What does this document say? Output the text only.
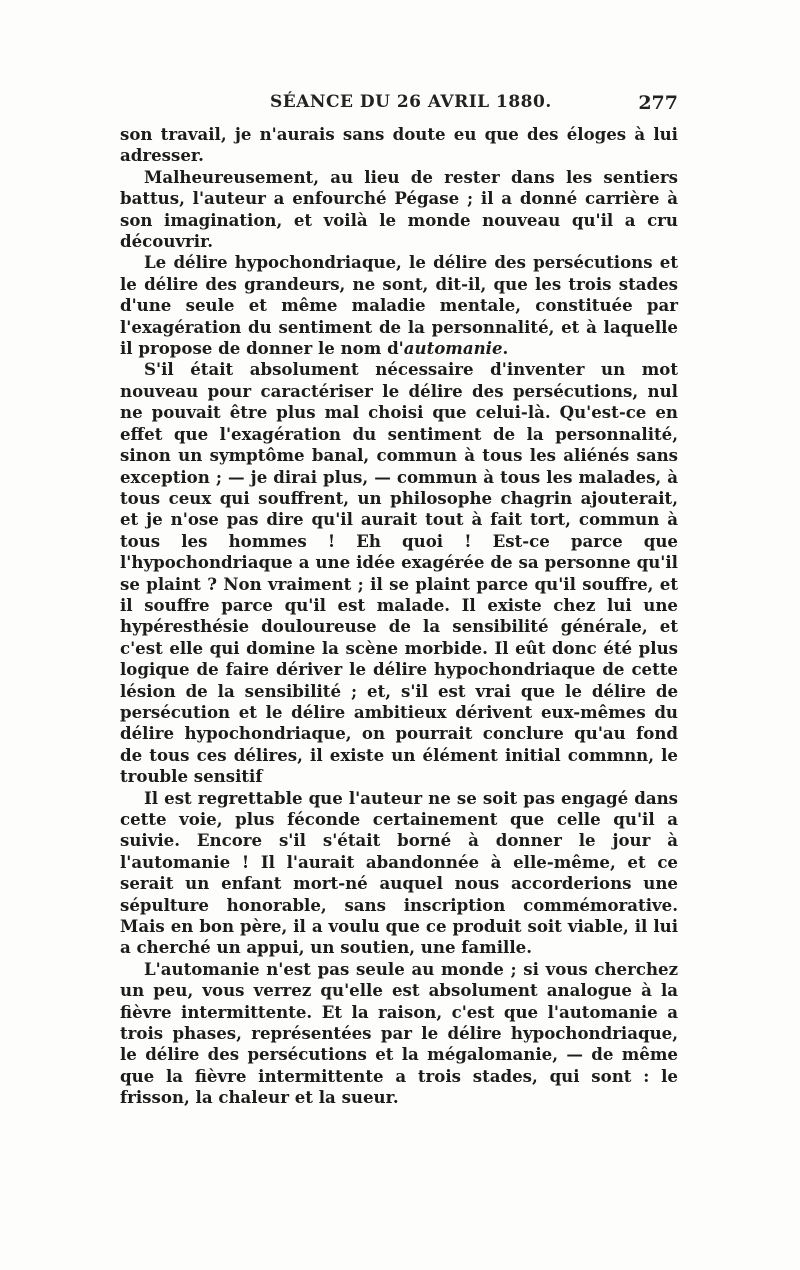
SÉANCE DU 26 AVRIL 1880.	277

son travail, je n'aurais sans doute eu que des éloges à lui adresser.

Malheureusement, au lieu de rester dans les sentiers battus, l'auteur a enfourché Pégase ; il a donné carrière à son imagination, et voilà le monde nouveau qu'il a cru découvrir.

Le délire hypochondriaque, le délire des persécutions et le délire des grandeurs, ne sont, dit-il, que les trois stades d'une seule et même maladie mentale, constituée par l'exagération du sentiment de la personnalité, et à laquelle il propose de donner le nom d'automanie.

S'il était absolument nécessaire d'inventer un mot nouveau pour caractériser le délire des persécutions, nul ne pouvait être plus mal choisi que celui-là. Qu'est-ce en effet que l'exagération du sentiment de la personnalité, sinon un symptôme banal, commun à tous les aliénés sans exception ; — je dirai plus, — commun à tous les malades, à tous ceux qui souffrent, un philosophe chagrin ajouterait, et je n'ose pas dire qu'il aurait tout à fait tort, commun à tous les hommes ! Eh quoi ! Est-ce parce que l'hypochondriaque a une idée exagérée de sa personne qu'il se plaint ? Non vraiment ; il se plaint parce qu'il souffre, et il souffre parce qu'il est malade. Il existe chez lui une hypéresthésie douloureuse de la sensibilité générale, et c'est elle qui domine la scène morbide. Il eût donc été plus logique de faire dériver le délire hypochondriaque de cette lésion de la sensibilité ; et, s'il est vrai que le délire de persécution et le délire ambitieux dérivent eux-mêmes du délire hypochondriaque, on pourrait conclure qu'au fond de tous ces délires, il existe un élément initial commnn, le trouble sensitif

Il est regrettable que l'auteur ne se soit pas engagé dans cette voie, plus féconde certainement que celle qu'il a suivie. Encore s'il s'était borné à donner le jour à l'automanie ! Il l'aurait abandonnée à elle-même, et ce serait un enfant mort-né auquel nous accorderions une sépulture honorable, sans inscription commémorative. Mais en bon père, il a voulu que ce produit soit viable, il lui a cherché un appui, un soutien, une famille.

L'automanie n'est pas seule au monde ; si vous cherchez un peu, vous verrez qu'elle est absolument analogue à la fièvre intermittente. Et la raison, c'est que l'automanie a trois phases, représentées par le délire hypochondriaque, le délire des persécutions et la mégalomanie, — de même que la fièvre intermittente a trois stades, qui sont : le frisson, la chaleur et la sueur.
